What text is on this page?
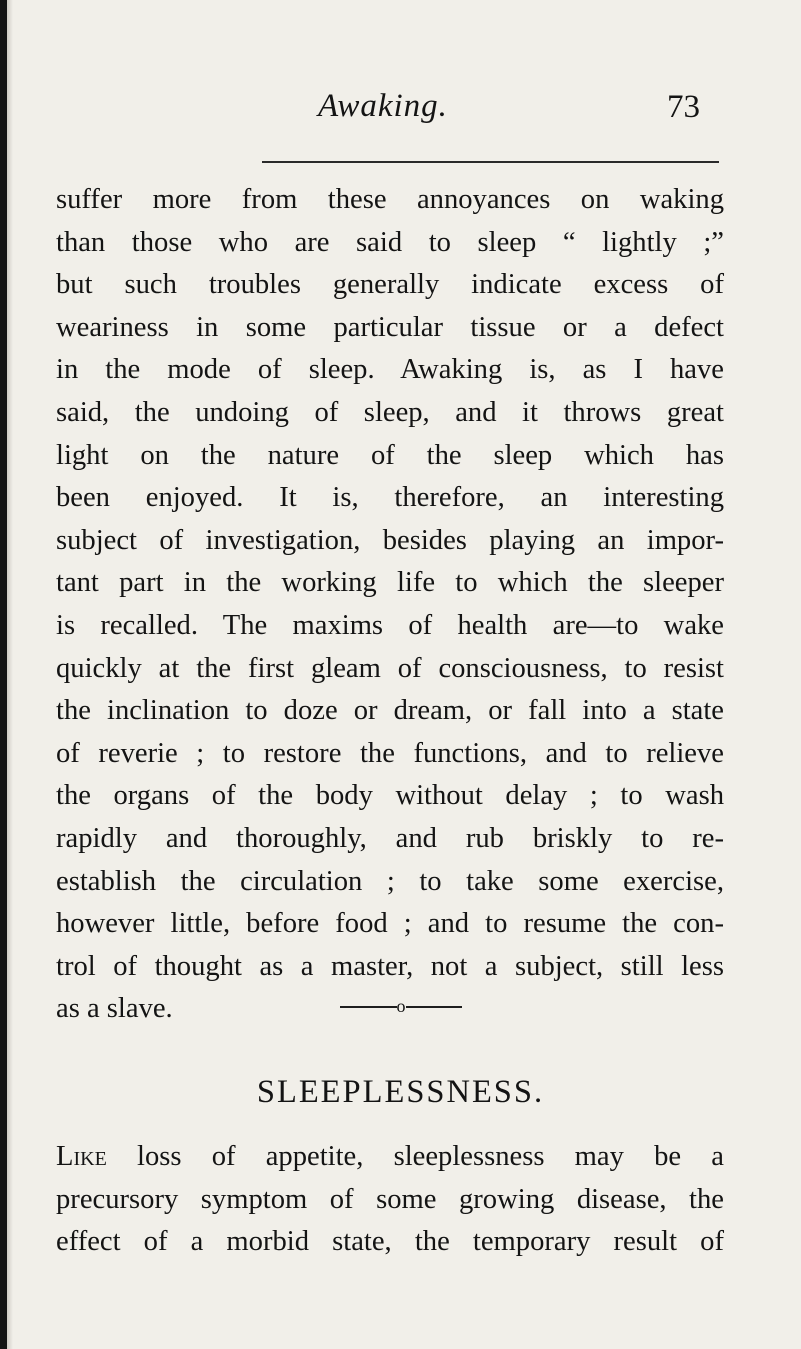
Awaking.	73
suffer more from these annoyances on waking
than those who are said to sleep “ lightly ;”
but such troubles generally indicate excess of
weariness in some particular tissue or a defect
in the mode of sleep. Awaking is, as I have
said, the undoing of sleep, and it throws great
light on the nature of the sleep which has
been enjoyed. It is, therefore, an interesting
subject of investigation, besides playing an impor-
tant part in the working life to which the sleeper
is recalled. The maxims of health are—to wake
quickly at the first gleam of consciousness, to resist
the inclination to doze or dream, or fall into a state
of reverie ; to restore the functions, and to relieve
the organs of the body without delay ; to wash
rapidly and thoroughly, and rub briskly to re-
establish the circulation ; to take some exercise,
however little, before food ; and to resume the con-
trol of thought as a master, not a subject, still less
as a slave.	o
SLEEPLESSNESS.
Like loss of appetite, sleeplessness may be a
precursory symptom of some growing disease, the
effect of a morbid state, the temporary result of
